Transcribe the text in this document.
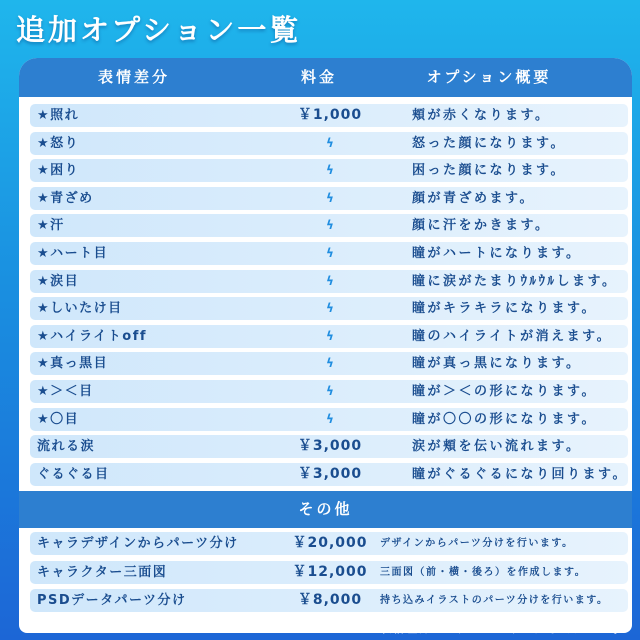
追加オプション一覧
表情差分	料金	オプション概要
★照れ	￥1,000	頬が赤くなります。
★怒り	ϟ	怒った顔になります。
★困り	ϟ	困った顔になります。
★青ざめ	ϟ	顔が青ざめます。
★汗	ϟ	顔に汗をかきます。
★ハート目	ϟ	瞳がハートになります。
★涙目	ϟ	瞳に涙がたまりｳﾙｳﾙします。
★しいたけ目	ϟ	瞳がキラキラになります。
★ハイライトoff	ϟ	瞳のハイライトが消えます。
★真っ黒目	ϟ	瞳が真っ黒になります。
★＞＜目	ϟ	瞳が＞＜の形になります。
★〇目	ϟ	瞳が〇〇の形になります。
流れる涙	￥3,000	涙が頬を伝い流れます。
ぐるぐる目	￥3,000	瞳がぐるぐるになり回ります。
その他
キャラデザインからパーツ分け	￥20,000	デザインからパーツ分けを行います。
キャラクター三面図	￥12,000	三面図（前・横・後ろ）を作成します。
PSDデータパーツ分け	￥8,000	持ち込みイラストのパーツ分けを行います。
※表情差分は上記の★よりお選びください。
